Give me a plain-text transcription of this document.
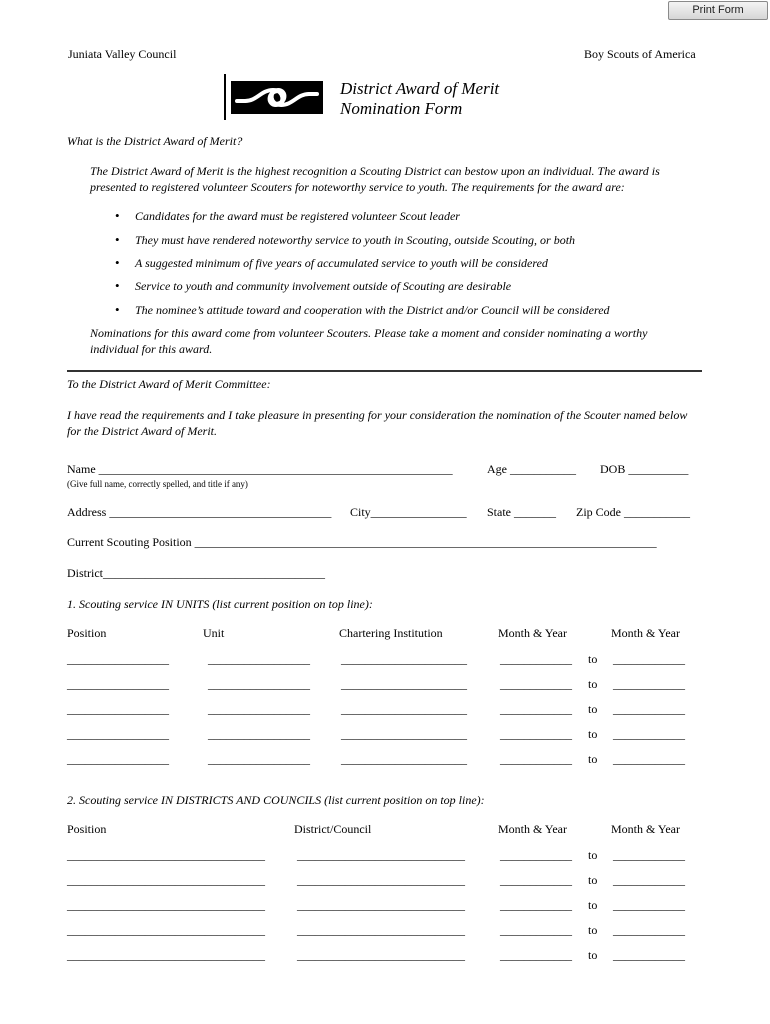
Print Form
Juniata Valley Council	Boy Scouts of America
District Award of Merit
Nomination Form
What is the District Award of Merit?
The District Award of Merit is the highest recognition a Scouting District can bestow upon an individual. The award is presented to registered volunteer Scouters for noteworthy service to youth. The requirements for the award are:
• Candidates for the award must be registered volunteer Scout leader
• They must have rendered noteworthy service to youth in Scouting, outside Scouting, or both
• A suggested minimum of five years of accumulated service to youth will be considered
• Service to youth and community involvement outside of Scouting are desirable
• The nominee’s attitude toward and cooperation with the District and/or Council will be considered
Nominations for this award come from volunteer Scouters. Please take a moment and consider nominating a worthy individual for this award.
To the District Award of Merit Committee:
I have read the requirements and I take pleasure in presenting for your consideration the nomination of the Scouter named below for the District Award of Merit.
Name ___________________________________________________________	Age ___________ DOB __________
(Give full name, correctly spelled, and title if any)
Address _____________________________________ City________________ State _______ Zip Code ___________
Current Scouting Position _____________________________________________________________________________
District_____________________________________
1. Scouting service IN UNITS (list current position on top line):
Position	Unit	Chartering Institution	Month & Year	Month & Year
_________________	_________________	_____________________	____________ to ____________
_________________	_________________	_____________________	____________ to ____________
_________________	_________________	_____________________	____________ to ____________
_________________	_________________	_____________________	____________ to ____________
_________________	_________________	_____________________	____________ to ____________
2. Scouting service IN DISTRICTS AND COUNCILS (list current position on top line):
Position	District/Council	Month & Year	Month & Year
_________________________________	____________________________	____________ to ____________
_________________________________	____________________________	____________ to ____________
_________________________________	____________________________	____________ to ____________
_________________________________	____________________________	____________ to ____________
_________________________________	____________________________	____________ to ____________
